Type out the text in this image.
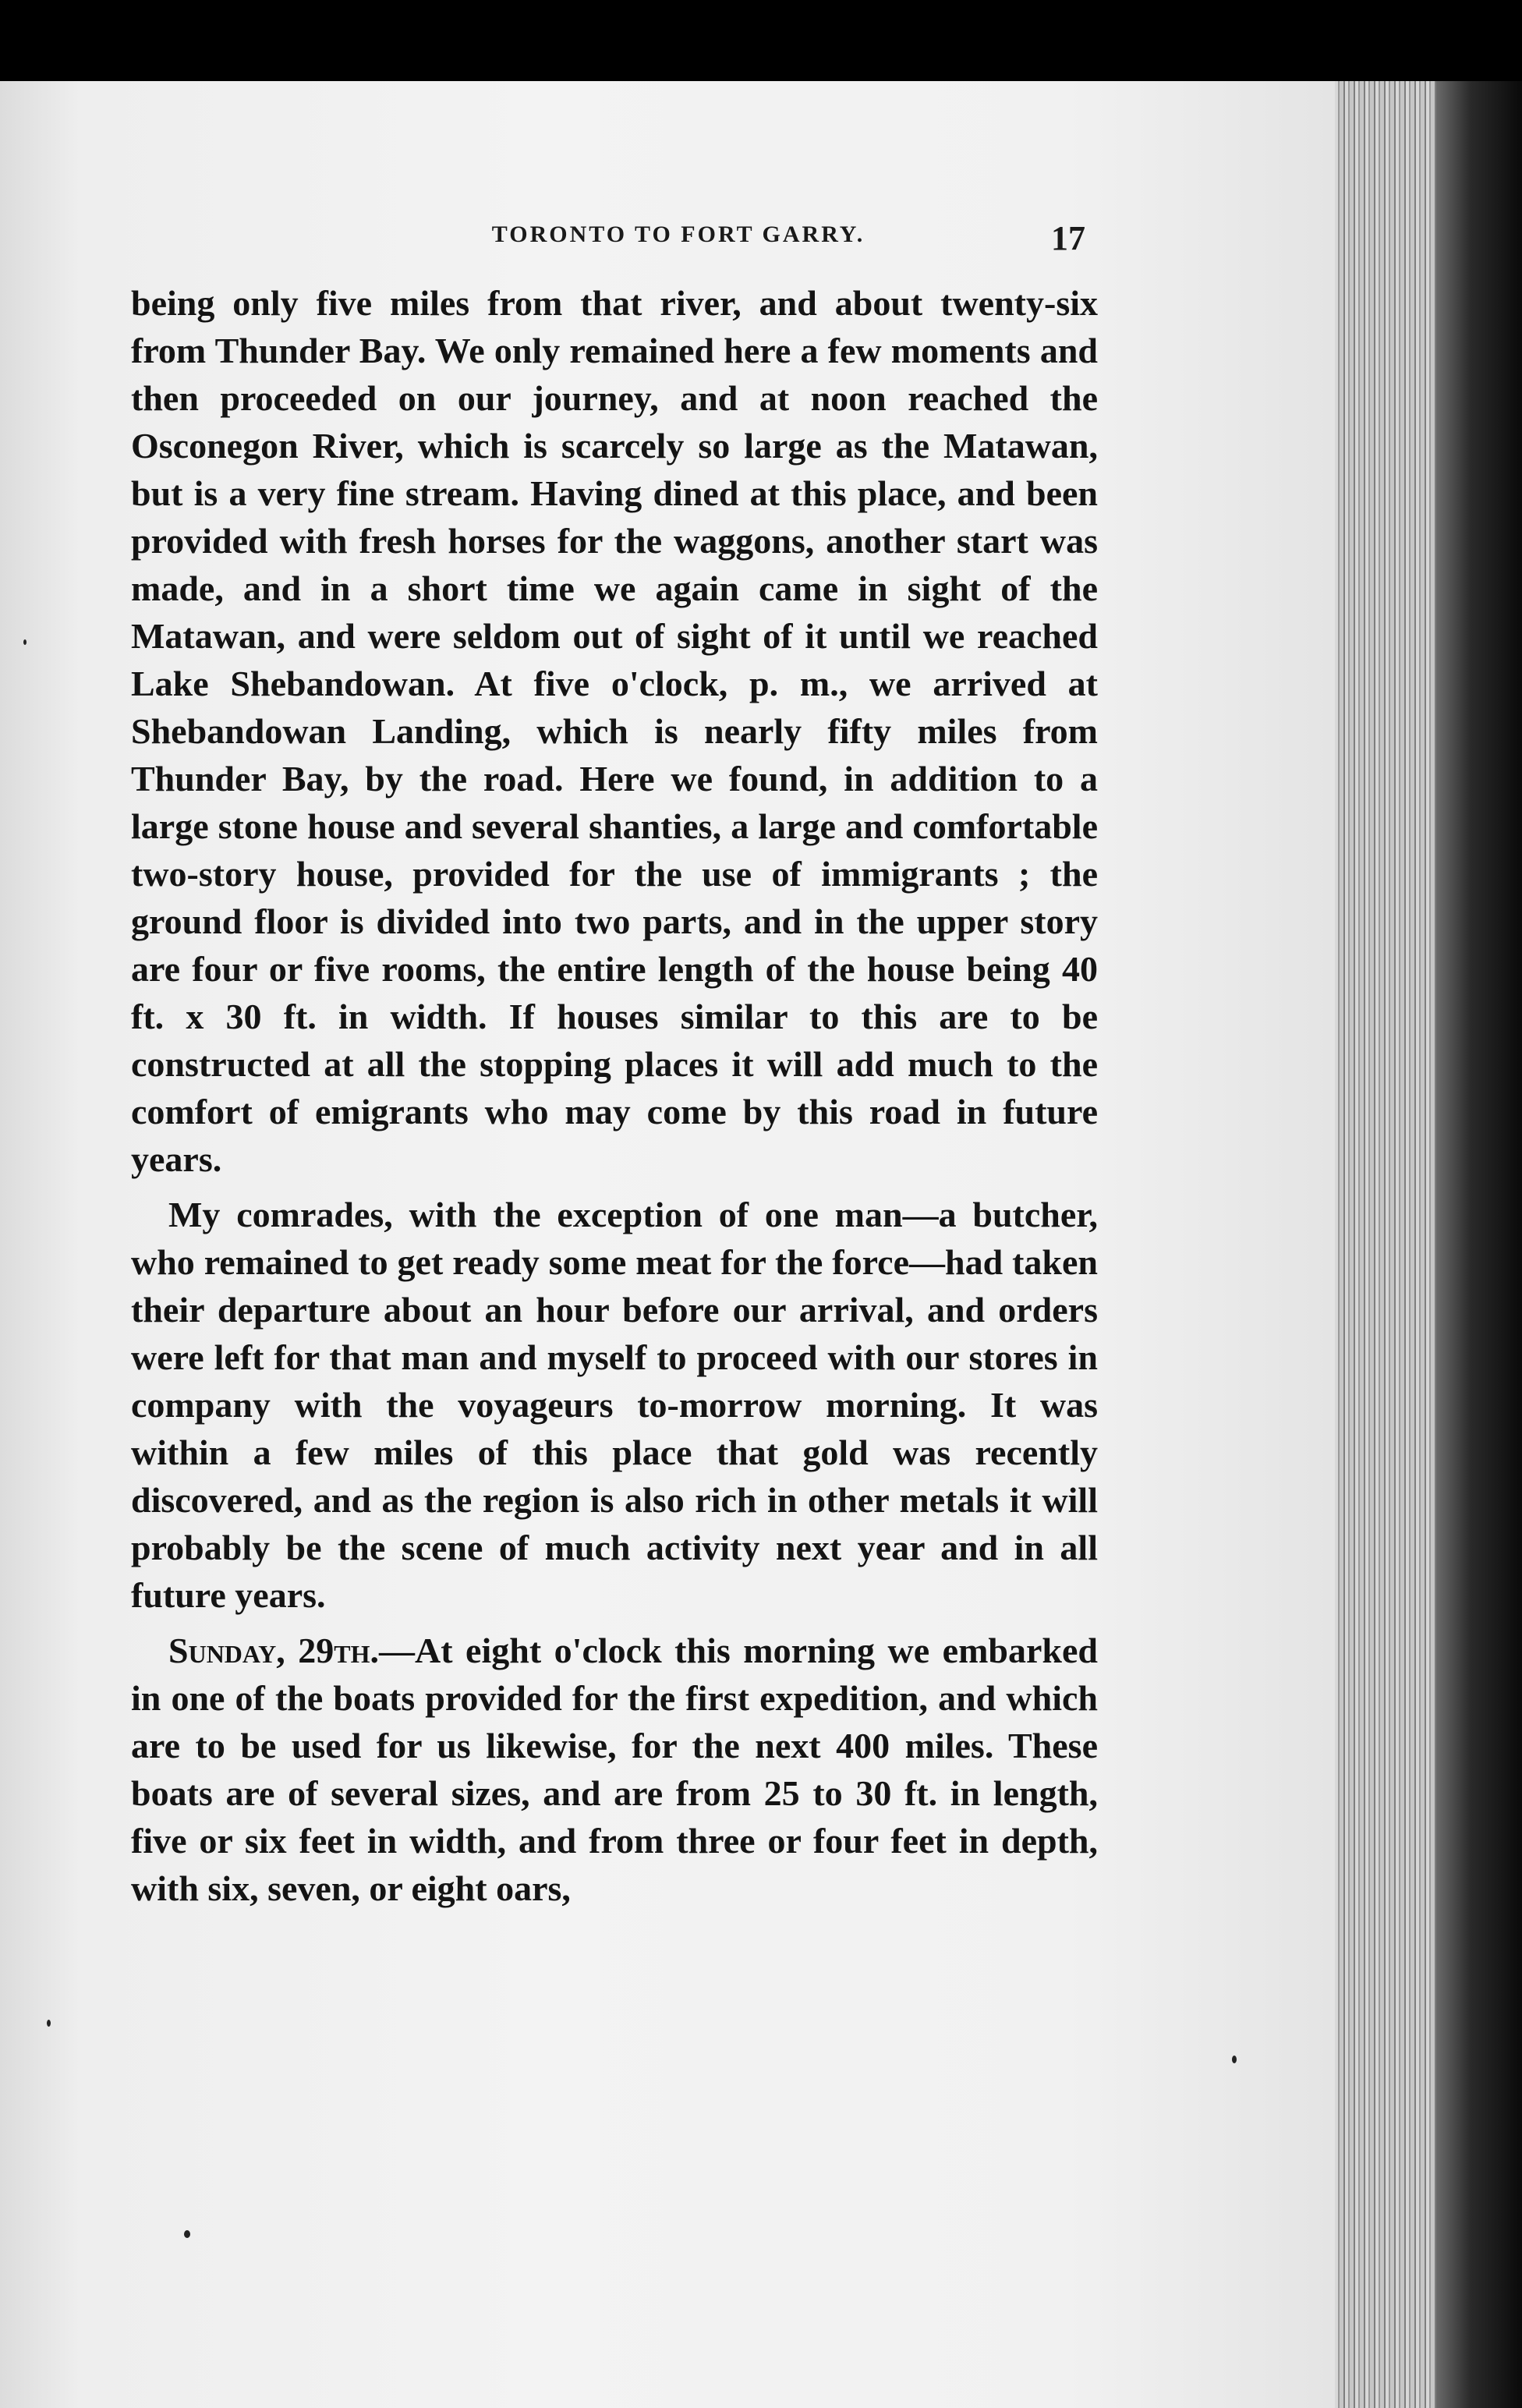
TORONTO TO FORT GARRY.	17

being only five miles from that river, and about twenty-six from Thunder Bay. We only remained here a few moments and then proceeded on our journey, and at noon reached the Osconegon River, which is scarcely so large as the Matawan, but is a very fine stream. Having dined at this place, and been provided with fresh horses for the waggons, another start was made, and in a short time we again came in sight of the Matawan, and were seldom out of sight of it until we reached Lake Shebandowan. At five o'clock, p. m., we arrived at Shebandowan Landing, which is nearly fifty miles from Thunder Bay, by the road. Here we found, in addition to a large stone house and several shanties, a large and comfortable two-story house, provided for the use of immigrants ; the ground floor is divided into two parts, and in the upper story are four or five rooms, the entire length of the house being 40 ft. x 30 ft. in width. If houses similar to this are to be constructed at all the stopping places it will add much to the comfort of emigrants who may come by this road in future years.

My comrades, with the exception of one man—a butcher, who remained to get ready some meat for the force—had taken their departure about an hour before our arrival, and orders were left for that man and myself to proceed with our stores in company with the voyageurs to-morrow morning. It was within a few miles of this place that gold was recently discovered, and as the region is also rich in other metals it will probably be the scene of much activity next year and in all future years.

Sunday, 29th.—At eight o'clock this morning we embarked in one of the boats provided for the first expedition, and which are to be used for us likewise, for the next 400 miles. These boats are of several sizes, and are from 25 to 30 ft. in length, five or six feet in width, and from three or four feet in depth, with six, seven, or eight oars,
